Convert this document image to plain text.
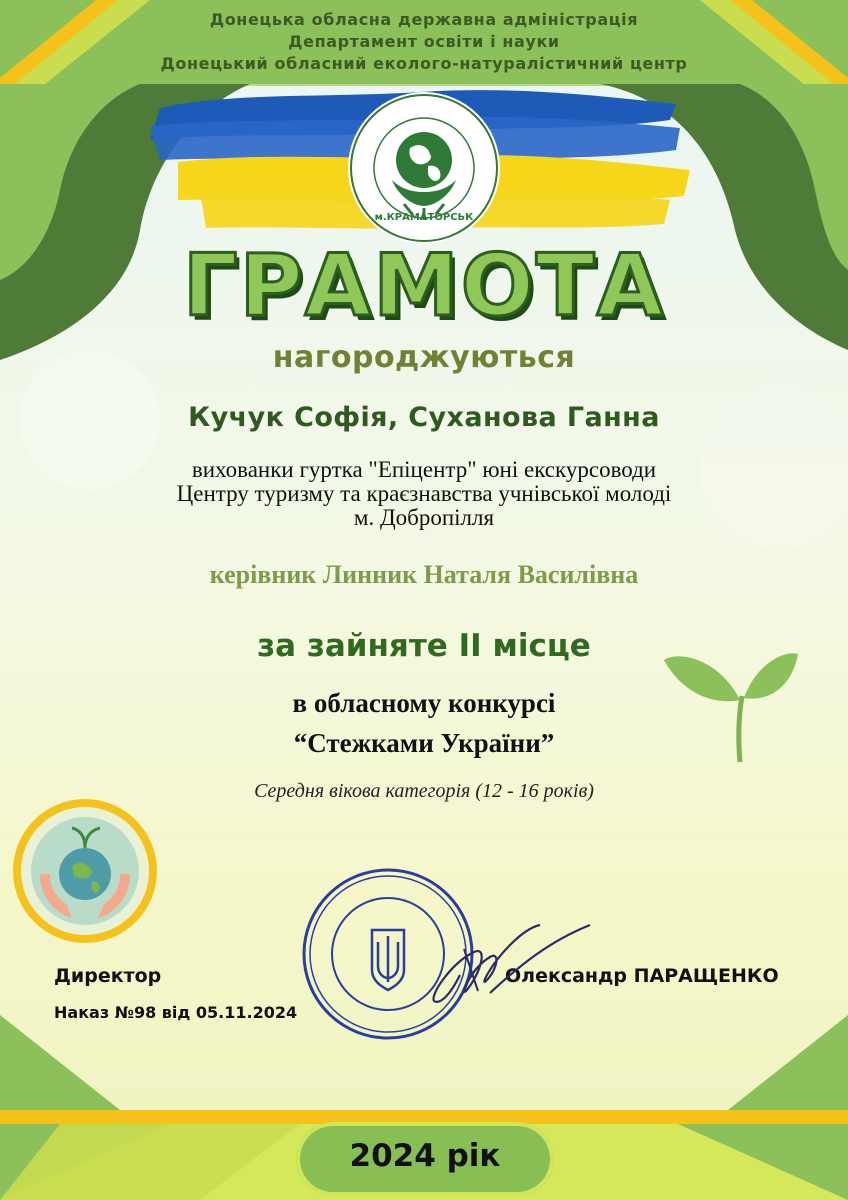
Донецька обласна державна адміністрація
Департамент освіти і науки
Донецький обласний еколого-натуралістичний центр
м.КРАМАТОРСЬК
ГРАМОТА
нагороджуються
Кучук Софія, Суханова Ганна
вихованки гуртка "Епіцентр" юні екскурсоводи
Центру туризму та краєзнавства учнівської молоді
м. Добропілля
керівник Линник Наталя Василівна
за зайняте ІІ місце
в обласному конкурсі
“Стежками України”
Середня вікова категорія (12 - 16 років)
Директор
Наказ №98 від 05.11.2024
Олександр ПАРАЩЕНКО
2024 рік
